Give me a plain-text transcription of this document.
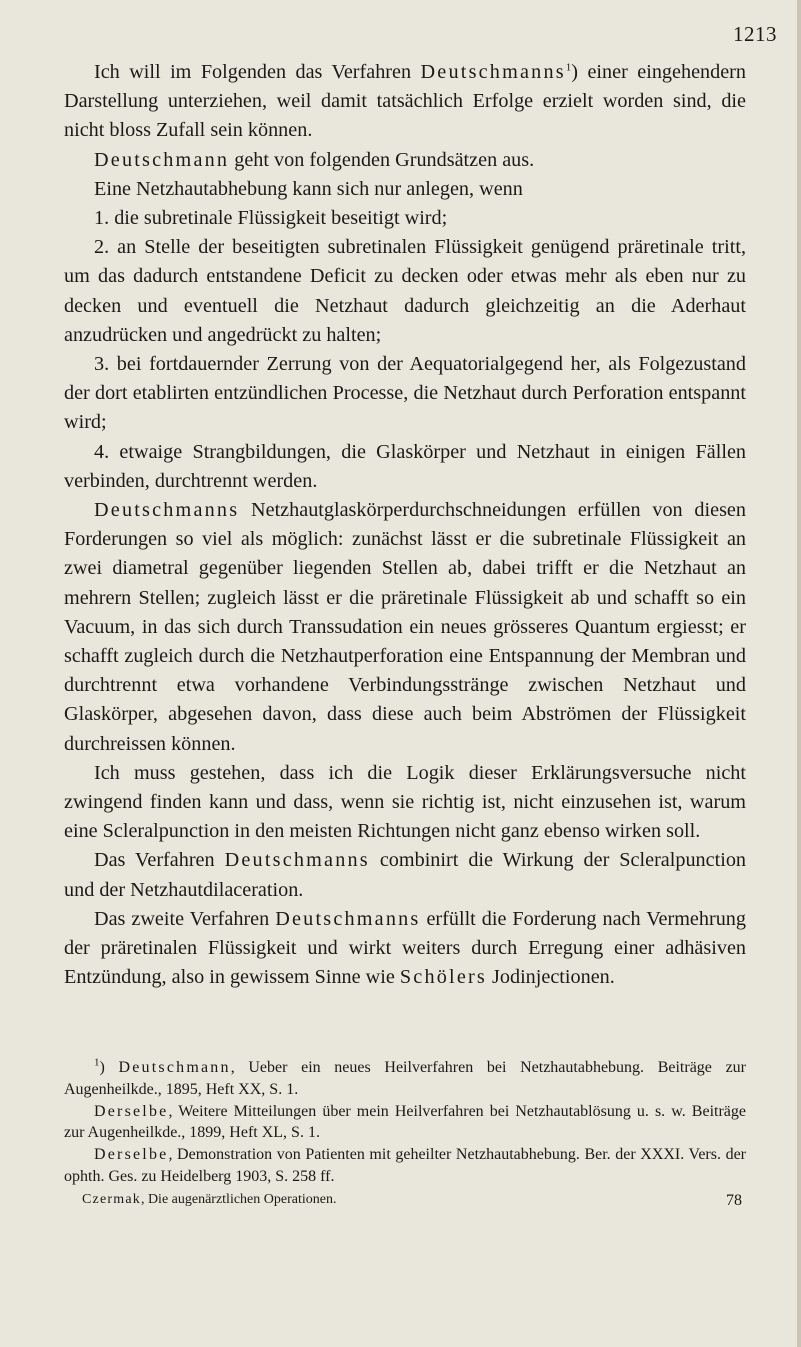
1213

Ich will im Folgenden das Verfahren Deutschmanns$^1$) einer eingehendern Darstellung unterziehen, weil damit tatsächlich Erfolge erzielt worden sind, die nicht bloss Zufall sein können.

Deutschmann geht von folgenden Grundsätzen aus.

Eine Netzhautabhebung kann sich nur anlegen, wenn

1. die subretinale Flüssigkeit beseitigt wird;

2. an Stelle der beseitigten subretinalen Flüssigkeit genügend präretinale tritt, um das dadurch entstandene Deficit zu decken oder etwas mehr als eben nur zu decken und eventuell die Netzhaut dadurch gleichzeitig an die Aderhaut anzudrücken und angedrückt zu halten;

3. bei fortdauernder Zerrung von der Aequatorialgegend her, als Folgezustand der dort etablirten entzündlichen Processe, die Netzhaut durch Perforation entspannt wird;

4. etwaige Strangbildungen, die Glaskörper und Netzhaut in einigen Fällen verbinden, durchtrennt werden.

Deutschmanns Netzhautglaskörperdurchschneidungen erfüllen von diesen Forderungen so viel als möglich: zunächst lässt er die subretinale Flüssigkeit an zwei diametral gegenüber liegenden Stellen ab, dabei trifft er die Netzhaut an mehrern Stellen; zugleich lässt er die präretinale Flüssigkeit ab und schafft so ein Vacuum, in das sich durch Transsudation ein neues grösseres Quantum ergiesst; er schafft zugleich durch die Netzhautperforation eine Entspannung der Membran und durchtrennt etwa vorhandene Verbindungsstränge zwischen Netzhaut und Glaskörper, abgesehen davon, dass diese auch beim Abströmen der Flüssigkeit durchreissen können.

Ich muss gestehen, dass ich die Logik dieser Erklärungsversuche nicht zwingend finden kann und dass, wenn sie richtig ist, nicht einzusehen ist, warum eine Scleralpunction in den meisten Richtungen nicht ganz ebenso wirken soll.

Das Verfahren Deutschmanns combinirt die Wirkung der Scleralpunction und der Netzhautdilaceration.

Das zweite Verfahren Deutschmanns erfüllt die Forderung nach Vermehrung der präretinalen Flüssigkeit und wirkt weiters durch Erregung einer adhäsiven Entzündung, also in gewissem Sinne wie Schölers Jodinjectionen.

$^1$) Deutschmann, Ueber ein neues Heilverfahren bei Netzhautabhebung. Beiträge zur Augenheilkde., 1895, Heft XX, S. 1.

Derselbe, Weitere Mitteilungen über mein Heilverfahren bei Netzhautablösung u. s. w. Beiträge zur Augenheilkde., 1899, Heft XL, S. 1.

Derselbe, Demonstration von Patienten mit geheilter Netzhautabhebung. Ber. der XXXI. Vers. der ophth. Ges. zu Heidelberg 1903, S. 258 ff.

Czermak, Die augenärztlichen Operationen.	78
